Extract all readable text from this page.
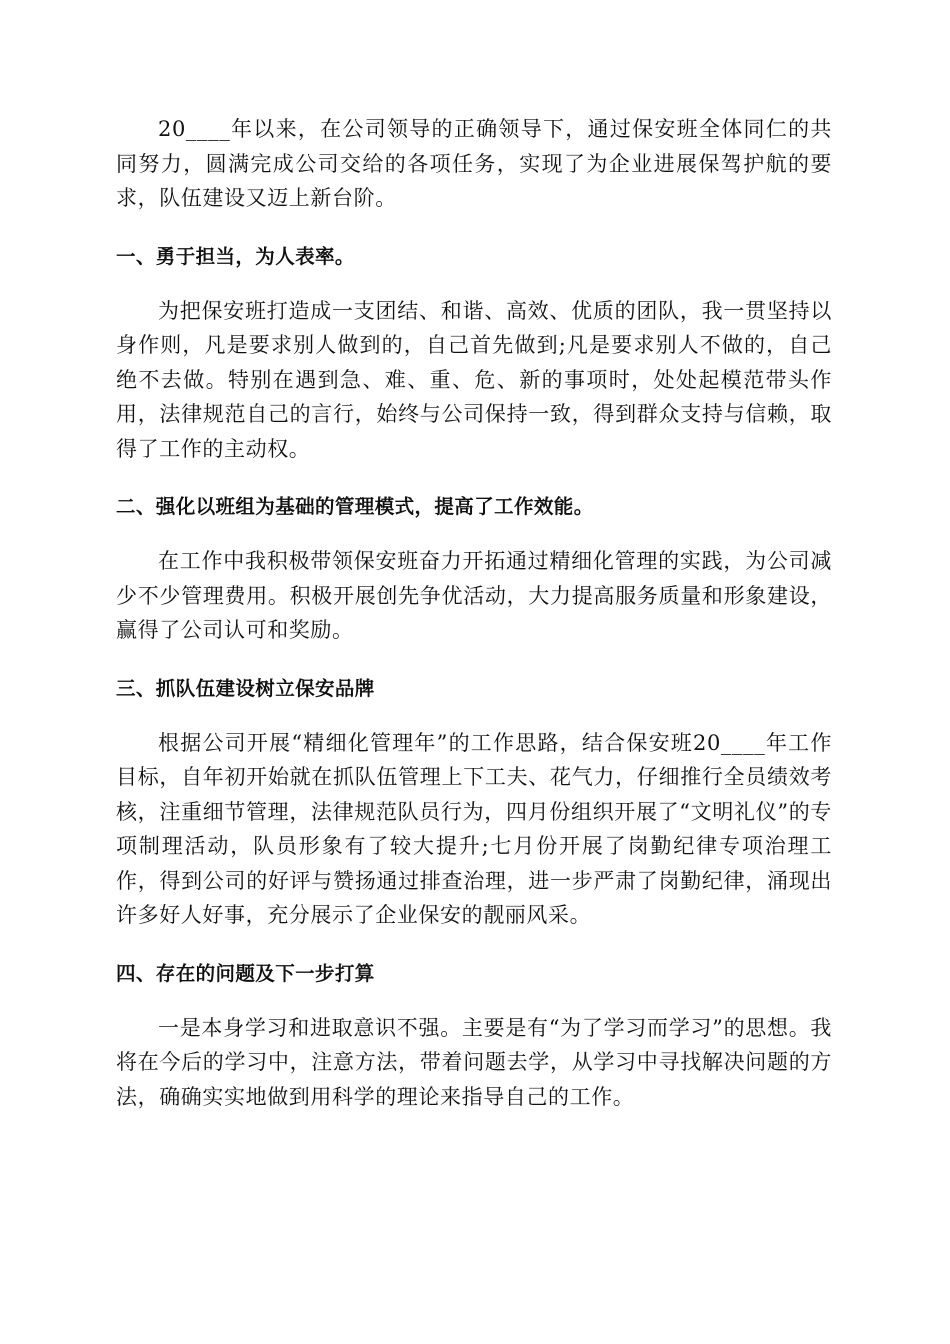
20____年以来，在公司领导的正确领导下，通过保安班全体同仁的共同努力，圆满完成公司交给的各项任务，实现了为企业进展保驾护航的要求，队伍建设又迈上新台阶。

一、勇于担当，为人表率。

为把保安班打造成一支团结、和谐、高效、优质的团队，我一贯坚持以身作则，凡是要求别人做到的，自己首先做到;凡是要求别人不做的，自己绝不去做。特别在遇到急、难、重、危、新的事项时，处处起模范带头作用，法律规范自己的言行，始终与公司保持一致，得到群众支持与信赖，取得了工作的主动权。

二、强化以班组为基础的管理模式，提高了工作效能。

在工作中我积极带领保安班奋力开拓通过精细化管理的实践，为公司减少不少管理费用。积极开展创先争优活动，大力提高服务质量和形象建设，赢得了公司认可和奖励。

三、抓队伍建设树立保安品牌

根据公司开展“精细化管理年”的工作思路，结合保安班20____年工作目标，自年初开始就在抓队伍管理上下工夫、花气力，仔细推行全员绩效考核，注重细节管理，法律规范队员行为，四月份组织开展了“文明礼仪”的专项制理活动，队员形象有了较大提升;七月份开展了岗勤纪律专项治理工作，得到公司的好评与赞扬通过排查治理，进一步严肃了岗勤纪律，涌现出许多好人好事，充分展示了企业保安的靓丽风采。

四、存在的问题及下一步打算

一是本身学习和进取意识不强。主要是有“为了学习而学习”的思想。我将在今后的学习中，注意方法，带着问题去学，从学习中寻找解决问题的方法，确确实实地做到用科学的理论来指导自己的工作。
